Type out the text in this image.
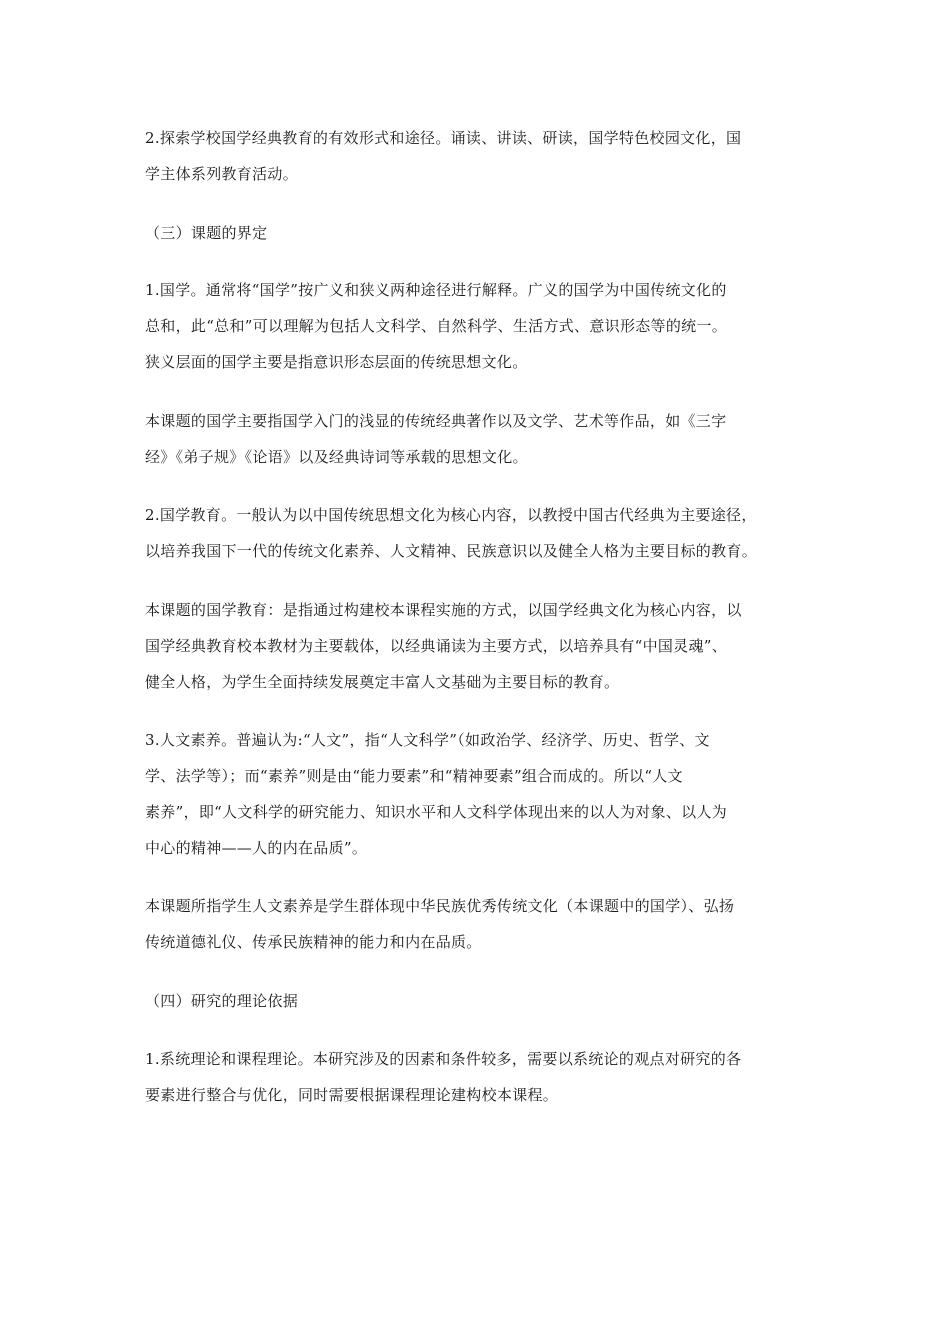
2.探索学校国学经典教育的有效形式和途径。诵读、讲读、研读，国学特色校园文化，国
学主体系列教育活动。
（三）课题的界定
1.国学。通常将“国学”按广义和狭义两种途径进行解释。广义的国学为中国传统文化的
总和，此“总和”可以理解为包括人文科学、自然科学、生活方式、意识形态等的统一。
狭义层面的国学主要是指意识形态层面的传统思想文化。
本课题的国学主要指国学入门的浅显的传统经典著作以及文学、艺术等作品，如《三字
经》《弟子规》《论语》以及经典诗词等承载的思想文化。
2.国学教育。一般认为以中国传统思想文化为核心内容，以教授中国古代经典为主要途径，
以培养我国下一代的传统文化素养、人文精神、民族意识以及健全人格为主要目标的教育。
本课题的国学教育：是指通过构建校本课程实施的方式，以国学经典文化为核心内容，以
国学经典教育校本教材为主要载体，以经典诵读为主要方式，以培养具有“中国灵魂”、
健全人格，为学生全面持续发展奠定丰富人文基础为主要目标的教育。
3.人文素养。普遍认为:“人文”，指“人文科学”（如政治学、经济学、历史、哲学、文
学、法学等）；而“素养”则是由“能力要素”和“精神要素”组合而成的。所以“人文
素养”，即“人文科学的研究能力、知识水平和人文科学体现出来的以人为对象、以人为
中心的精神——人的内在品质”。
本课题所指学生人文素养是学生群体现中华民族优秀传统文化（本课题中的国学）、弘扬
传统道德礼仪、传承民族精神的能力和内在品质。
（四）研究的理论依据
1.系统理论和课程理论。本研究涉及的因素和条件较多，需要以系统论的观点对研究的各
要素进行整合与优化，同时需要根据课程理论建构校本课程。
